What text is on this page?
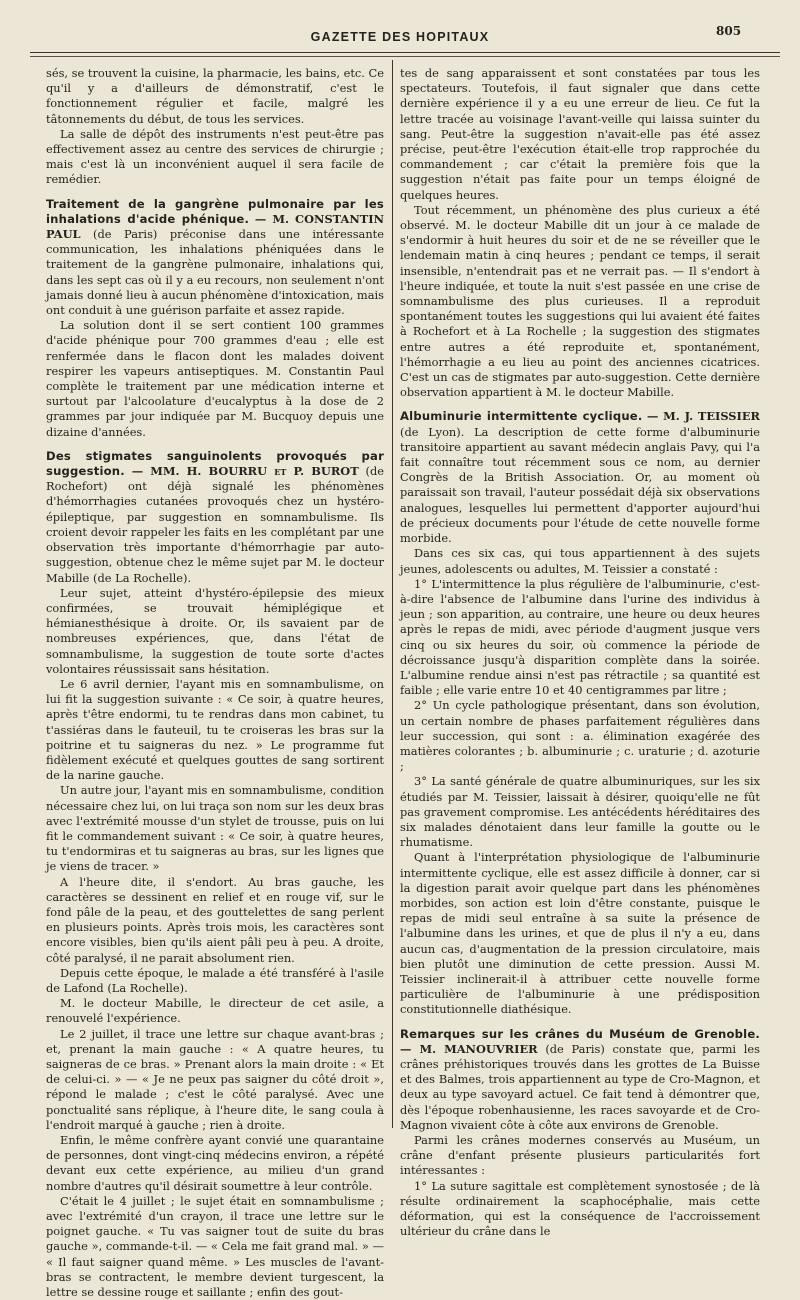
GAZETTE DES HOPITAUX	805

sés, se trouvent la cuisine, la pharmacie, les bains, etc. Ce qu'il y a d'ailleurs de démonstratif, c'est le fonctionnement régulier et facile, malgré les tâtonnements du début, de tous les services.

La salle de dépôt des instruments n'est peut-être pas effectivement assez au centre des services de chirurgie ; mais c'est là un inconvénient auquel il sera facile de remédier.

Traitement de la gangrène pulmonaire par les inhalations d'acide phénique. — M. CONSTANTIN PAUL (de Paris) préconise dans une intéressante communication, les inhalations phéniquées dans le traitement de la gangrène pulmonaire, inhalations qui, dans les sept cas où il y a eu recours, non seulement n'ont jamais donné lieu à aucun phénomène d'intoxication, mais ont conduit à une guérison parfaite et assez rapide.

La solution dont il se sert contient 100 grammes d'acide phénique pour 700 grammes d'eau ; elle est renfermée dans le flacon dont les malades doivent respirer les vapeurs antiseptiques. M. Constantin Paul complète le traitement par une médication interne et surtout par l'alcoolature d'eucalyptus à la dose de 2 grammes par jour indiquée par M. Bucquoy depuis une dizaine d'années.

Des stigmates sanguinolents provoqués par suggestion. — MM. H. BOURRU et P. BUROT (de Rochefort) ont déjà signalé les phénomènes d'hémorrhagies cutanées provoqués chez un hystéro-épileptique, par suggestion en somnambulisme. Ils croient devoir rappeler les faits en les complétant par une observation très importante d'hémorrhagie par auto-suggestion, obtenue chez le même sujet par M. le docteur Mabille (de La Rochelle).

Leur sujet, atteint d'hystéro-épilepsie des mieux confirmées, se trouvait hémiplégique et hémianesthésique à droite. Or, ils savaient par de nombreuses expériences, que, dans l'état de somnambulisme, la suggestion de toute sorte d'actes volontaires réussissait sans hésitation.

Le 6 avril dernier, l'ayant mis en somnambulisme, on lui fit la suggestion suivante : « Ce soir, à quatre heures, après t'être endormi, tu te rendras dans mon cabinet, tu t'assiéras dans le fauteuil, tu te croiseras les bras sur la poitrine et tu saigneras du nez. » Le programme fut fidèlement exécuté et quelques gouttes de sang sortirent de la narine gauche.

Un autre jour, l'ayant mis en somnambulisme, condition nécessaire chez lui, on lui traça son nom sur les deux bras avec l'extrémité mousse d'un stylet de trousse, puis on lui fit le commandement suivant : « Ce soir, à quatre heures, tu t'endormiras et tu saigneras au bras, sur les lignes que je viens de tracer. »

A l'heure dite, il s'endort. Au bras gauche, les caractères se dessinent en relief et en rouge vif, sur le fond pâle de la peau, et des gouttelettes de sang perlent en plusieurs points. Après trois mois, les caractères sont encore visibles, bien qu'ils aient pâli peu à peu. A droite, côté paralysé, il ne parait absolument rien.

Depuis cette époque, le malade a été transféré à l'asile de Lafond (La Rochelle).

M. le docteur Mabille, le directeur de cet asile, a renouvelé l'expérience.

Le 2 juillet, il trace une lettre sur chaque avant-bras ; et, prenant la main gauche : « A quatre heures, tu saigneras de ce bras. » Prenant alors la main droite : « Et de celui-ci. » — « Je ne peux pas saigner du côté droit », répond le malade ; c'est le côté paralysé. Avec une ponctualité sans réplique, à l'heure dite, le sang coula à l'endroit marqué à gauche ; rien à droite.

Enfin, le même confrère ayant convié une quarantaine de personnes, dont vingt-cinq médecins environ, a répété devant eux cette expérience, au milieu d'un grand nombre d'autres qu'il désirait soumettre à leur contrôle.

C'était le 4 juillet ; le sujet était en somnambulisme ; avec l'extrémité d'un crayon, il trace une lettre sur le poignet gauche. « Tu vas saigner tout de suite du bras gauche », commande-t-il. — « Cela me fait grand mal. » — « Il faut saigner quand même. » Les muscles de l'avant-bras se contractent, le membre devient turgescent, la lettre se dessine rouge et saillante ; enfin des gout-

tes de sang apparaissent et sont constatées par tous les spectateurs. Toutefois, il faut signaler que dans cette dernière expérience il y a eu une erreur de lieu. Ce fut la lettre tracée au voisinage l'avant-veille qui laissa suinter du sang. Peut-être la suggestion n'avait-elle pas été assez précise, peut-être l'exécution était-elle trop rapprochée du commandement ; car c'était la première fois que la suggestion n'était pas faite pour un temps éloigné de quelques heures.

Tout récemment, un phénomène des plus curieux a été observé. M. le docteur Mabille dit un jour à ce malade de s'endormir à huit heures du soir et de ne se réveiller que le lendemain matin à cinq heures ; pendant ce temps, il serait insensible, n'entendrait pas et ne verrait pas. — Il s'endort à l'heure indiquée, et toute la nuit s'est passée en une crise de somnambulisme des plus curieuses. Il a reproduit spontanément toutes les suggestions qui lui avaient été faites à Rochefort et à La Rochelle ; la suggestion des stigmates entre autres a été reproduite et, spontanément, l'hémorrhagie a eu lieu au point des anciennes cicatrices. C'est un cas de stigmates par auto-suggestion. Cette dernière observation appartient à M. le docteur Mabille.

Albuminurie intermittente cyclique. — M. J. TEISSIER (de Lyon). La description de cette forme d'albuminurie transitoire appartient au savant médecin anglais Pavy, qui l'a fait connaître tout récemment sous ce nom, au dernier Congrès de la British Association. Or, au moment où paraissait son travail, l'auteur possédait déjà six observations analogues, lesquelles lui permettent d'apporter aujourd'hui de précieux documents pour l'étude de cette nouvelle forme morbide.

Dans ces six cas, qui tous appartiennent à des sujets jeunes, adolescents ou adultes, M. Teissier a constaté :

1° L'intermittence la plus régulière de l'albuminurie, c'est-à-dire l'absence de l'albumine dans l'urine des individus à jeun ; son apparition, au contraire, une heure ou deux heures après le repas de midi, avec période d'augment jusque vers cinq ou six heures du soir, où commence la période de décroissance jusqu'à disparition complète dans la soirée. L'albumine rendue ainsi n'est pas rétractile ; sa quantité est faible ; elle varie entre 10 et 40 centigrammes par litre ;

2° Un cycle pathologique présentant, dans son évolution, un certain nombre de phases parfaitement régulières dans leur succession, qui sont : a. élimination exagérée des matières colorantes ; b. albuminurie ; c. uraturie ; d. azoturie ;

3° La santé générale de quatre albuminuriques, sur les six étudiés par M. Teissier, laissait à désirer, quoiqu'elle ne fût pas gravement compromise. Les antécédents héréditaires des six malades dénotaient dans leur famille la goutte ou le rhumatisme.

Quant à l'interprétation physiologique de l'albuminurie intermittente cyclique, elle est assez difficile à donner, car si la digestion parait avoir quelque part dans les phénomènes morbides, son action est loin d'être constante, puisque le repas de midi seul entraîne à sa suite la présence de l'albumine dans les urines, et que de plus il n'y a eu, dans aucun cas, d'augmentation de la pression circulatoire, mais bien plutôt une diminution de cette pression. Aussi M. Teissier inclinerait-il à attribuer cette nouvelle forme particulière de l'albuminurie à une prédisposition constitutionnelle diathésique.

Remarques sur les crânes du Muséum de Grenoble. — M. MANOUVRIER (de Paris) constate que, parmi les crânes préhistoriques trouvés dans les grottes de La Buisse et des Balmes, trois appartiennent au type de Cro-Magnon, et deux au type savoyard actuel. Ce fait tend à démontrer que, dès l'époque robenhausienne, les races savoyarde et de Cro-Magnon vivaient côte à côte aux environs de Grenoble.

Parmi les crânes modernes conservés au Muséum, un crâne d'enfant présente plusieurs particularités fort intéressantes :

1° La suture sagittale est complètement synostosée ; de là résulte ordinairement la scaphocéphalie, mais cette déformation, qui est la conséquence de l'accroissement ultérieur du crâne dans le
